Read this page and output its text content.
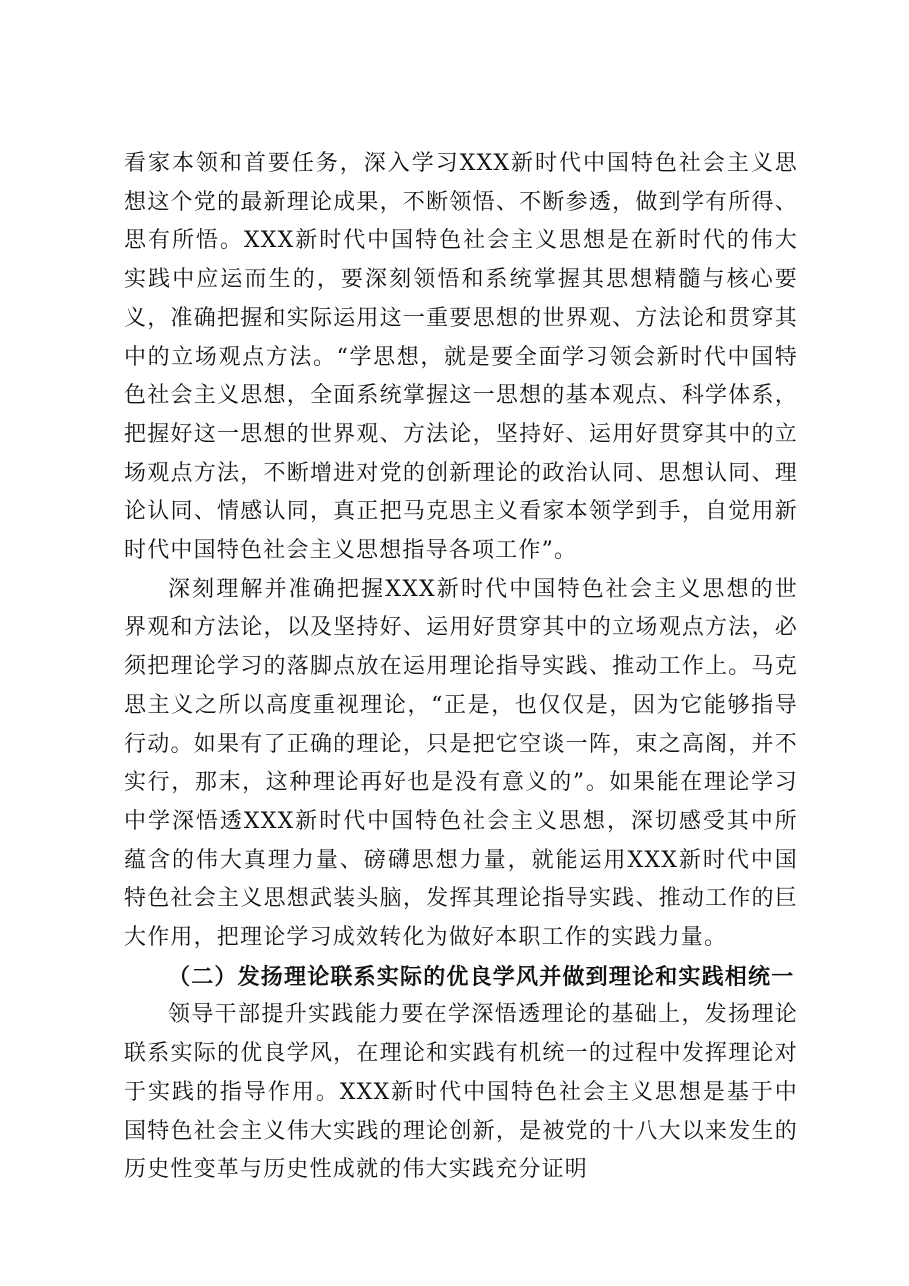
看家本领和首要任务，深入学习XXX新时代中国特色社会主义思想这个党的最新理论成果，不断领悟、不断参透，做到学有所得、思有所悟。XXX新时代中国特色社会主义思想是在新时代的伟大实践中应运而生的，要深刻领悟和系统掌握其思想精髓与核心要义，准确把握和实际运用这一重要思想的世界观、方法论和贯穿其中的立场观点方法。“学思想，就是要全面学习领会新时代中国特色社会主义思想，全面系统掌握这一思想的基本观点、科学体系，把握好这一思想的世界观、方法论，坚持好、运用好贯穿其中的立场观点方法，不断增进对党的创新理论的政治认同、思想认同、理论认同、情感认同，真正把马克思主义看家本领学到手，自觉用新时代中国特色社会主义思想指导各项工作”。

深刻理解并准确把握XXX新时代中国特色社会主义思想的世界观和方法论，以及坚持好、运用好贯穿其中的立场观点方法，必须把理论学习的落脚点放在运用理论指导实践、推动工作上。马克思主义之所以高度重视理论，“正是，也仅仅是，因为它能够指导行动。如果有了正确的理论，只是把它空谈一阵，束之高阁，并不实行，那末，这种理论再好也是没有意义的”。如果能在理论学习中学深悟透XXX新时代中国特色社会主义思想，深切感受其中所蕴含的伟大真理力量、磅礴思想力量，就能运用XXX新时代中国特色社会主义思想武装头脑，发挥其理论指导实践、推动工作的巨大作用，把理论学习成效转化为做好本职工作的实践力量。

（二）发扬理论联系实际的优良学风并做到理论和实践相统一

领导干部提升实践能力要在学深悟透理论的基础上，发扬理论联系实际的优良学风，在理论和实践有机统一的过程中发挥理论对于实践的指导作用。XXX新时代中国特色社会主义思想是基于中国特色社会主义伟大实践的理论创新，是被党的十八大以来发生的历史性变革与历史性成就的伟大实践充分证明
